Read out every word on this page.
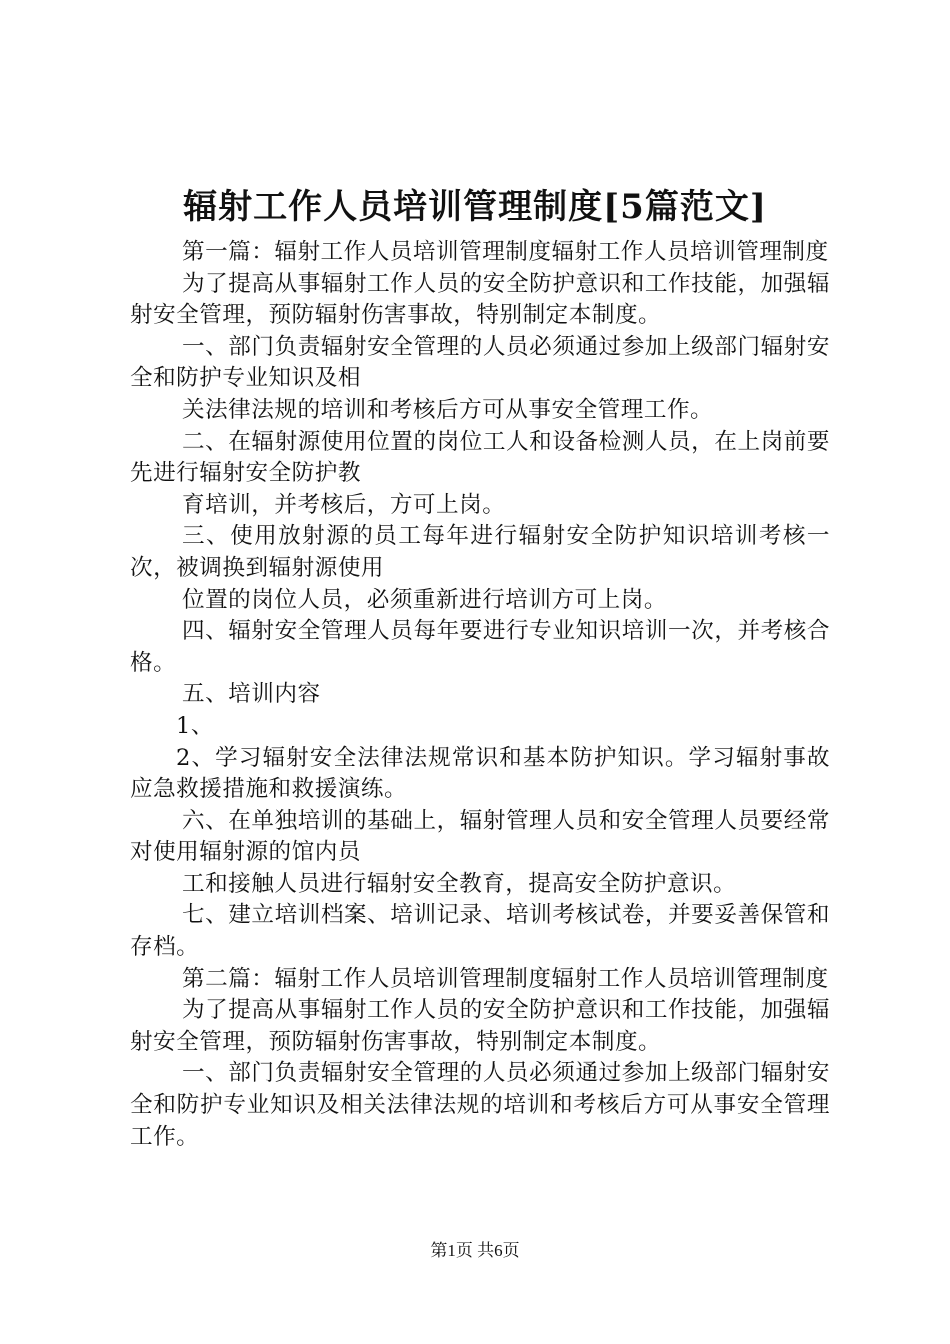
辐射工作人员培训管理制度[5篇范文]

第一篇：辐射工作人员培训管理制度辐射工作人员培训管理制度

为了提高从事辐射工作人员的安全防护意识和工作技能，加强辐射安全管理，预防辐射伤害事故，特别制定本制度。

一、部门负责辐射安全管理的人员必须通过参加上级部门辐射安全和防护专业知识及相

关法律法规的培训和考核后方可从事安全管理工作。

二、在辐射源使用位置的岗位工人和设备检测人员，在上岗前要先进行辐射安全防护教

育培训，并考核后，方可上岗。

三、使用放射源的员工每年进行辐射安全防护知识培训考核一次，被调换到辐射源使用

位置的岗位人员，必须重新进行培训方可上岗。

四、辐射安全管理人员每年要进行专业知识培训一次，并考核合格。

五、培训内容

1、

2、学习辐射安全法律法规常识和基本防护知识。学习辐射事故应急救援措施和救援演练。

六、在单独培训的基础上，辐射管理人员和安全管理人员要经常对使用辐射源的馆内员

工和接触人员进行辐射安全教育，提高安全防护意识。

七、建立培训档案、培训记录、培训考核试卷，并要妥善保管和存档。

第二篇：辐射工作人员培训管理制度辐射工作人员培训管理制度

为了提高从事辐射工作人员的安全防护意识和工作技能，加强辐射安全管理，预防辐射伤害事故，特别制定本制度。

一、部门负责辐射安全管理的人员必须通过参加上级部门辐射安全和防护专业知识及相关法律法规的培训和考核后方可从事安全管理工作。

第1页 共6页
